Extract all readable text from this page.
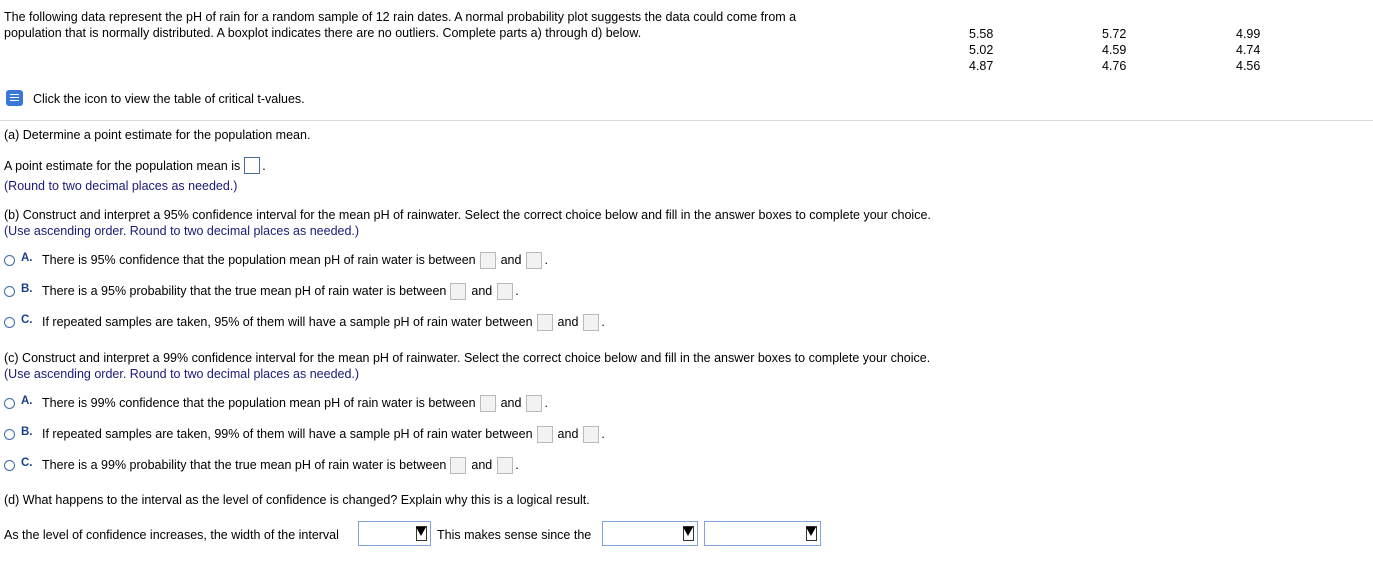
The following data represent the pH of rain for a random sample of 12 rain dates. A normal probability plot suggests the data could come from a population that is normally distributed. A boxplot indicates there are no outliers. Complete parts a) through d) below.	5.58
5.02
4.87
5.72
4.59
4.76
4.99
4.74
4.56
Click the icon to view the table of critical t-values.
(a) Determine a point estimate for the population mean.
A point estimate for the population mean is .
(Round to two decimal places as needed.)
(b) Construct and interpret a 95% confidence interval for the mean pH of rainwater. Select the correct choice below and fill in the answer boxes to complete your choice.
(Use ascending order. Round to two decimal places as needed.)
A. There is 95% confidence that the population mean pH of rain water is between and .
B. There is a 95% probability that the true mean pH of rain water is between and .
C. If repeated samples are taken, 95% of them will have a sample pH of rain water between and .
(c) Construct and interpret a 99% confidence interval for the mean pH of rainwater. Select the correct choice below and fill in the answer boxes to complete your choice.
(Use ascending order. Round to two decimal places as needed.)
A. There is 99% confidence that the population mean pH of rain water is between and .
B. If repeated samples are taken, 99% of them will have a sample pH of rain water between and .
C. There is a 99% probability that the true mean pH of rain water is between and .
(d) What happens to the interval as the level of confidence is changed? Explain why this is a logical result.
As the level of confidence increases, the width of the interval	This makes sense since the
